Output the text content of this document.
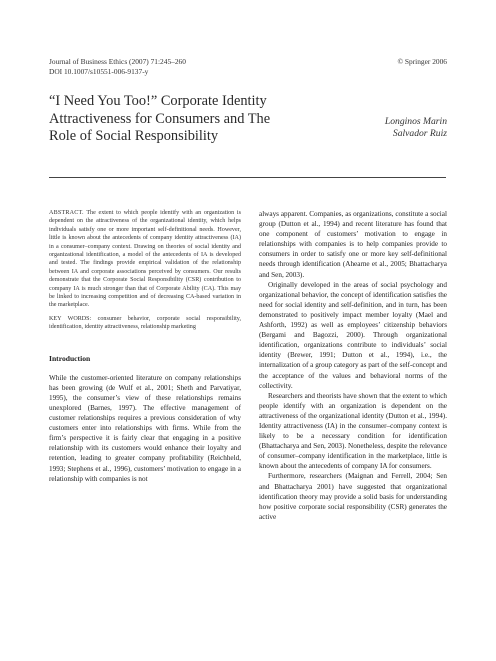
Journal of Business Ethics (2007) 71:245–260
DOI 10.1007/s10551-006-9137-y
© Springer 2006
“I Need You Too!” Corporate Identity
Attractiveness for Consumers and The
Role of Social Responsibility
Longinos Marin
Salvador Ruiz
ABSTRACT. The extent to which people identify with an organization is dependent on the attractiveness of the organizational identity, which helps individuals satisfy one or more important self-definitional needs. However, little is known about the antecedents of company identity attractiveness (IA) in a consumer–company context. Drawing on theories of social identity and organizational identification, a model of the antecedents of IA is developed and tested. The findings provide empirical validation of the relationship between IA and corporate associations perceived by consumers. Our results demonstrate that the Corporate Social Responsibility (CSR) contribution to company IA is much stronger than that of Corporate Ability (CA). This may be linked to increasing competition and of decreasing CA-based variation in the marketplace.
KEY WORDS: consumer behavior, corporate social responsibility, identification, identity attractiveness, relationship marketing
Introduction

While the customer-oriented literature on company relationships has been growing (de Wulf et al., 2001; Sheth and Parvatiyar, 1995), the consumer’s view of these relationships remains unexplored (Barnes, 1997). The effective management of customer relationships requires a previous consideration of why customers enter into relationships with firms. While from the firm’s perspective it is fairly clear that engaging in a positive relationship with its customers would enhance their loyalty and retention, leading to greater company profitability (Reichheld, 1993; Stephens et al., 1996), customers’ motivation to engage in a relationship with companies is not

always apparent. Companies, as organizations, constitute a social group (Dutton et al., 1994) and recent literature has found that one component of customers’ motivation to engage in relationships with companies is to help companies provide to consumers in order to satisfy one or more key self-definitional needs through identification (Ahearne et al., 2005; Bhattacharya and Sen, 2003).

Originally developed in the areas of social psychology and organizational behavior, the concept of identification satisfies the need for social identity and self-definition, and in turn, has been demonstrated to positively impact member loyalty (Mael and Ashforth, 1992) as well as employees’ citizenship behaviors (Bergami and Bagozzi, 2000). Through organizational identification, organizations contribute to individuals’ social identity (Brewer, 1991; Dutton et al., 1994), i.e., the internalization of a group category as part of the self-concept and the acceptance of the values and behavioral norms of the collectivity.

Researchers and theorists have shown that the extent to which people identify with an organization is dependent on the attractiveness of the organizational identity (Dutton et al., 1994). Identity attractiveness (IA) in the consumer–company context is likely to be a necessary condition for identification (Bhattacharya and Sen, 2003). Nonetheless, despite the relevance of consumer–company identification in the marketplace, little is known about the antecedents of company IA for consumers.

Furthermore, researchers (Maignan and Ferrell, 2004; Sen and Bhattacharya 2001) have suggested that organizational identification theory may provide a solid basis for understanding how positive corporate social responsibility (CSR) generates the active
